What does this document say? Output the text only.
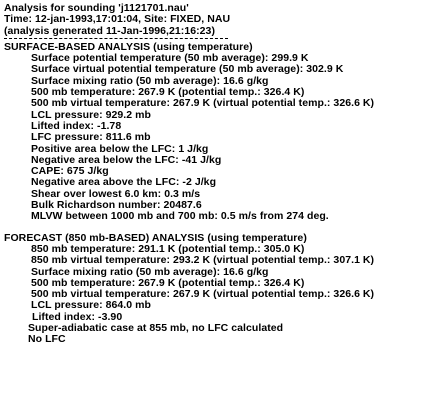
Analysis for sounding 'j1121701.nau'
Time: 12-jan-1993,17:01:04, Site: FIXED, NAU
(analysis generated 11-Jan-1996,21:16:23)
SURFACE-BASED ANALYSIS (using temperature)
Surface potential temperature (50 mb average): 299.9 K
Surface virtual potential temperature (50 mb average): 302.9 K
Surface mixing ratio (50 mb average): 16.6 g/kg
500 mb temperature: 267.9 K (potential temp.: 326.4 K)
500 mb virtual temperature: 267.9 K (virtual potential temp.: 326.6 K)
LCL pressure: 929.2 mb
Lifted index: -1.78
LFC pressure: 811.6 mb
Positive area below the LFC: 1 J/kg
Negative area below the LFC: -41 J/kg
CAPE: 675 J/kg
Negative area above the LFC: -2 J/kg
Shear over lowest 6.0 km: 0.3 m/s
Bulk Richardson number: 20487.6
MLVW between 1000 mb and 700 mb: 0.5 m/s from 274 deg.
FORECAST (850 mb-BASED) ANALYSIS (using temperature)
850 mb temperature: 291.1 K (potential temp.: 305.0 K)
850 mb virtual temperature: 293.2 K (virtual potential temp.: 307.1 K)
Surface mixing ratio (50 mb average): 16.6 g/kg
500 mb temperature: 267.9 K (potential temp.: 326.4 K)
500 mb virtual temperature: 267.9 K (virtual potential temp.: 326.6 K)
LCL pressure: 864.0 mb
Lifted index: -3.90
Super-adiabatic case at 855 mb, no LFC calculated
No LFC
